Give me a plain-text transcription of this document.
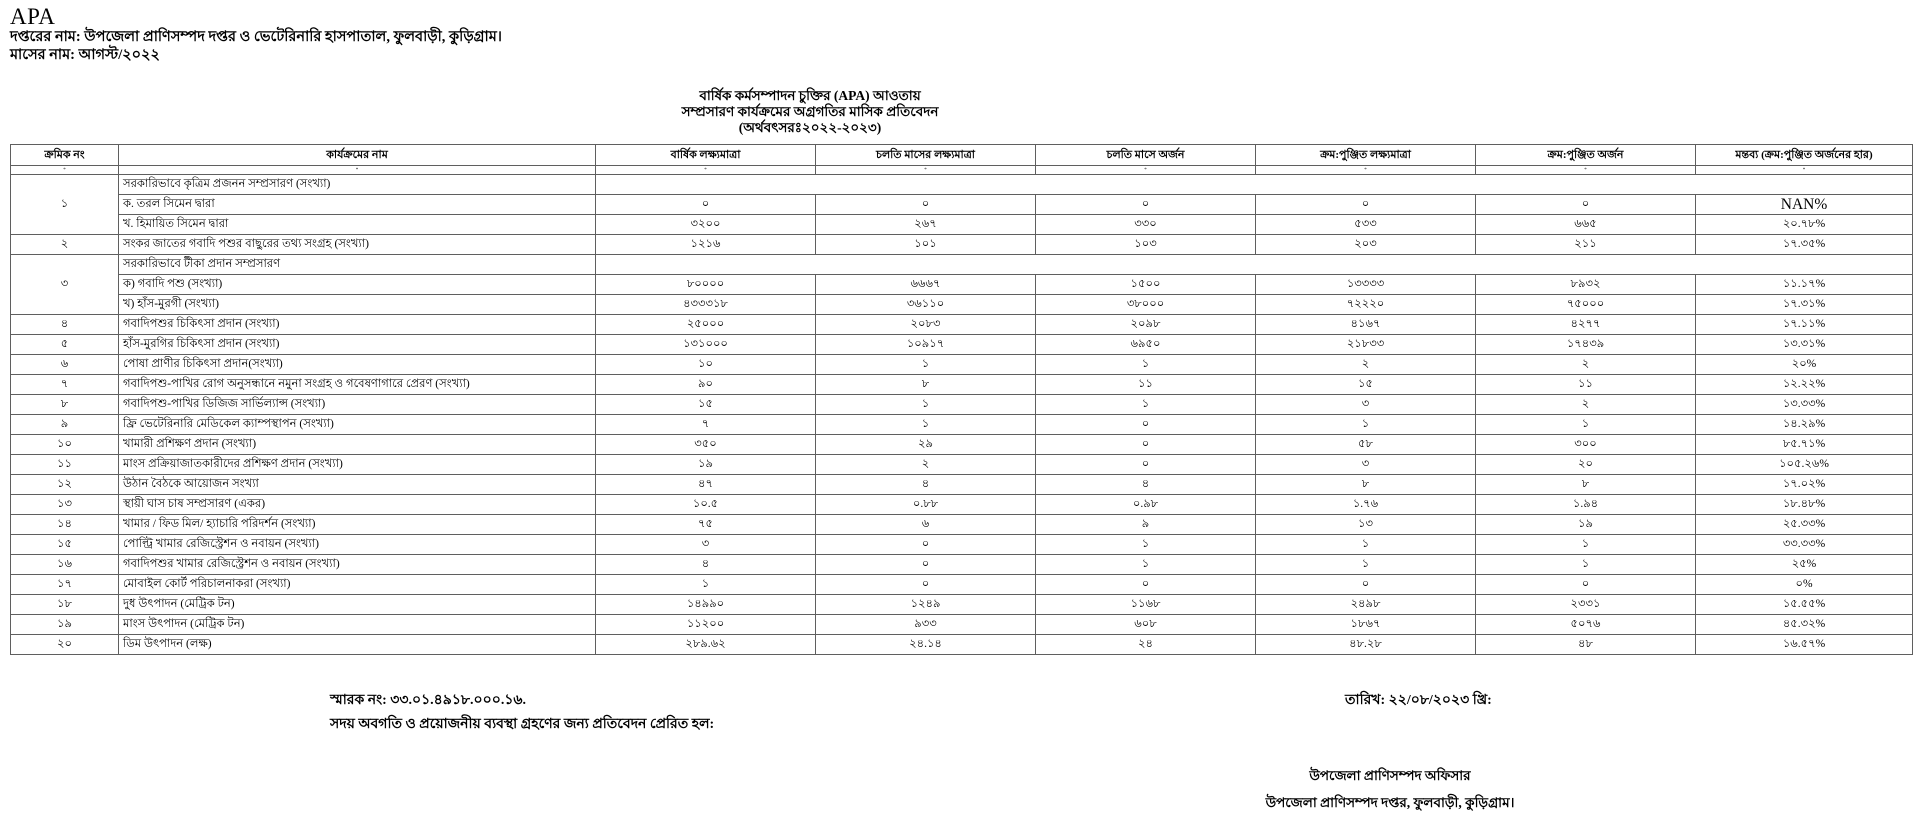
APA
দপ্তরের নাম: উপজেলা প্রাণিসম্পদ দপ্তর ও ভেটেরিনারি হাসপাতাল, ফুলবাড়ী, কুড়িগ্রাম।
মাসের নাম: আগস্ট/২০২২
বার্ষিক কর্মসম্পাদন চুক্তির (APA) আওতায়
সম্প্রসারণ কার্যক্রমের অগ্রগতির মাসিক প্রতিবেদন
(অর্থবৎসরঃ২০২২-২০২৩)
ক্রমিক নং	কার্যক্রমের নাম	বার্ষিক লক্ষ্যমাত্রা	চলতি মাসের লক্ষ্যমাত্রা	চলতি মাসে অর্জন	ক্রম:পুঞ্জিত লক্ষ্যমাত্রা	ক্রম:পুঞ্জিত অর্জন	মন্তব্য (ক্রম:পুঞ্জিত অর্জনের হার)
*	*	*	*	*	*	*	*
১	সরকারিভাবে কৃত্রিম প্রজনন সম্প্রসারণ (সংখ্যা)						
	ক. তরল সিমেন দ্বারা	০	০	০	০	০	NAN%
	খ. হিমায়িত সিমেন দ্বারা	৩২০০	২৬৭	৩৩০	৫৩৩	৬৬৫	২০.৭৮%
২	সংকর জাতের গবাদি পশুর বাছুরের তথ্য সংগ্রহ (সংখ্যা)	১২১৬	১০১	১০৩	২০৩	২১১	১৭.৩৫%
৩	সরকারিভাবে টীকা প্রদান সম্প্রসারণ						
	ক) গবাদি পশু (সংখ্যা)	৮০০০০	৬৬৬৭	১৫০০	১৩৩৩৩	৮৯৩২	১১.১৭%
	খ) হাঁস-মুরগী (সংখ্যা)	৪৩৩৩১৮	৩৬১১০	৩৮০০০	৭২২২০	৭৫০০০	১৭.৩১%
৪	গবাদিপশুর চিকিৎসা প্রদান (সংখ্যা)	২৫০০০	২০৮৩	২০৯৮	৪১৬৭	৪২৭৭	১৭.১১%
৫	হাঁস-মুরগির চিকিৎসা প্রদান (সংখ্যা)	১৩১০০০	১০৯১৭	৬৯৫০	২১৮৩৩	১৭৪৩৯	১৩.৩১%
৬	পোষা প্রাণীর চিকিৎসা প্রদান(সংখ্যা)	১০	১	১	২	২	২০%
৭	গবাদিপশু-পাখির রোগ অনুসন্ধানে নমুনা সংগ্রহ ও গবেষণাগারে প্রেরণ (সংখ্যা)	৯০	৮	১১	১৫	১১	১২.২২%
৮	গবাদিপশু-পাখির ডিজিজ সার্ভিল্যান্স (সংখ্যা)	১৫	১	১	৩	২	১৩.৩৩%
৯	ফ্রি ভেটেরিনারি মেডিকেল ক্যাম্পস্থাপন (সংখ্যা)	৭	১	০	১	১	১৪.২৯%
১০	খামারী প্রশিক্ষণ প্রদান (সংখ্যা)	৩৫০	২৯	০	৫৮	৩০০	৮৫.৭১%
১১	মাংস প্রক্রিয়াজাতকারীদের প্রশিক্ষণ প্রদান (সংখ্যা)	১৯	২	০	৩	২০	১০৫.২৬%
১২	উঠান বৈঠকে আয়োজন সংখ্যা	৪৭	৪	৪	৮	৮	১৭.০২%
১৩	স্থায়ী ঘাস চাষ সম্প্রসারণ (একর)	১০.৫	০.৮৮	০.৯৮	১.৭৬	১.৯৪	১৮.৪৮%
১৪	খামার / ফিড মিল/ হ্যাচারি পরিদর্শন (সংখ্যা)	৭৫	৬	৯	১৩	১৯	২৫.৩৩%
১৫	পোল্ট্রি খামার রেজিস্ট্রেশন ও নবায়ন (সংখ্যা)	৩	০	১	১	১	৩৩.৩৩%
১৬	গবাদিপশুর খামার রেজিস্ট্রেশন ও নবায়ন (সংখ্যা)	৪	০	১	১	১	২৫%
১৭	মোবাইল কোর্ট পরিচালনাকরা (সংখ্যা)	১	০	০	০	০	০%
১৮	দুধ উৎপাদন (মেট্রিক টন)	১৪৯৯০	১২৪৯	১১৬৮	২৪৯৮	২৩৩১	১৫.৫৫%
১৯	মাংস উৎপাদন (মেট্রিক টন)	১১২০০	৯৩৩	৬০৮	১৮৬৭	৫০৭৬	৪৫.৩২%
২০	ডিম উৎপাদন (লক্ষ)	২৮৯.৬২	২৪.১৪	২৪	৪৮.২৮	৪৮	১৬.৫৭%
স্মারক নং: ৩৩.০১.৪৯১৮.০০০.১৬.	তারিখ: ২২/০৮/২০২৩ খ্রি:
সদয় অবগতি ও প্রয়োজনীয় ব্যবস্থা গ্রহণের জন্য প্রতিবেদন প্রেরিত হল:
উপজেলা প্রাণিসম্পদ অফিসার
উপজেলা প্রাণিসম্পদ দপ্তর, ফুলবাড়ী, কুড়িগ্রাম।
